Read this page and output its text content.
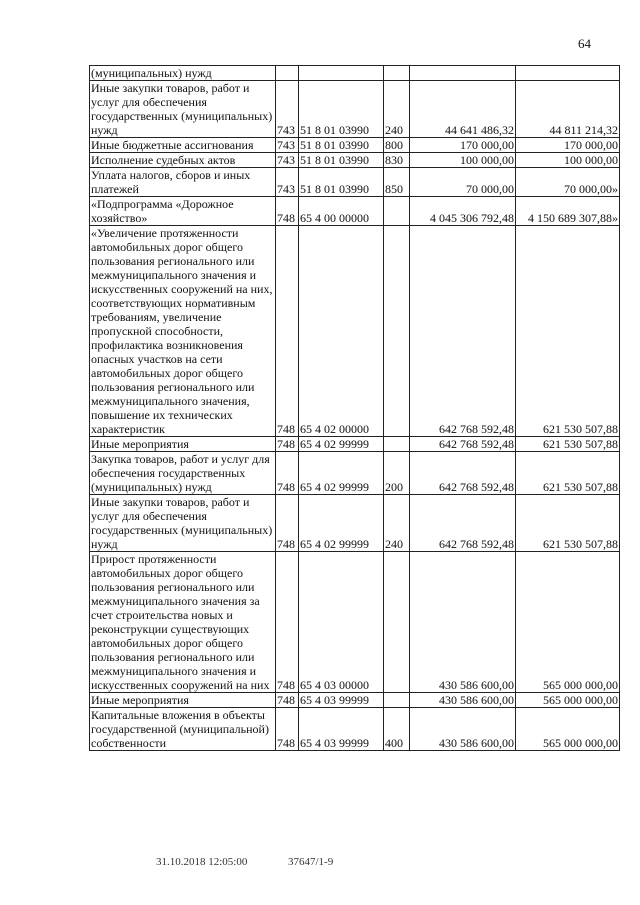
64
(муниципальных) нужд					
Иные закупки товаров, работ и услуг для обеспечения государственных (муниципальных) нужд	743	51 8 01 03990	240	44 641 486,32	44 811 214,32
Иные бюджетные ассигнования	743	51 8 01 03990	800	170 000,00	170 000,00
Исполнение судебных актов	743	51 8 01 03990	830	100 000,00	100 000,00
Уплата налогов, сборов и иных платежей	743	51 8 01 03990	850	70 000,00	70 000,00»
«Подпрограмма «Дорожное хозяйство»	748	65 4 00 00000		4 045 306 792,48	4 150 689 307,88»
«Увеличение протяженности автомобильных дорог общего пользования регионального или межмуниципального значения и искусственных сооружений на них, соответствующих нормативным требованиям, увеличение пропускной способности, профилактика возникновения опасных участков на сети автомобильных дорог общего пользования регионального или межмуниципального значения, повышение их технических характеристик	748	65 4 02 00000		642 768 592,48	621 530 507,88
Иные мероприятия	748	65 4 02 99999		642 768 592,48	621 530 507,88
Закупка товаров, работ и услуг для обеспечения государственных (муниципальных) нужд	748	65 4 02 99999	200	642 768 592,48	621 530 507,88
Иные закупки товаров, работ и услуг для обеспечения государственных (муниципальных) нужд	748	65 4 02 99999	240	642 768 592,48	621 530 507,88
Прирост протяженности автомобильных дорог общего пользования регионального или межмуниципального значения за счет строительства новых и реконструкции существующих автомобильных дорог общего пользования регионального или межмуниципального значения и искусственных сооружений на них	748	65 4 03 00000		430 586 600,00	565 000 000,00
Иные мероприятия	748	65 4 03 99999		430 586 600,00	565 000 000,00
Капитальные вложения в объекты государственной (муниципальной) собственности	748	65 4 03 99999	400	430 586 600,00	565 000 000,00
31.10.2018 12:05:00	37647/1-9
